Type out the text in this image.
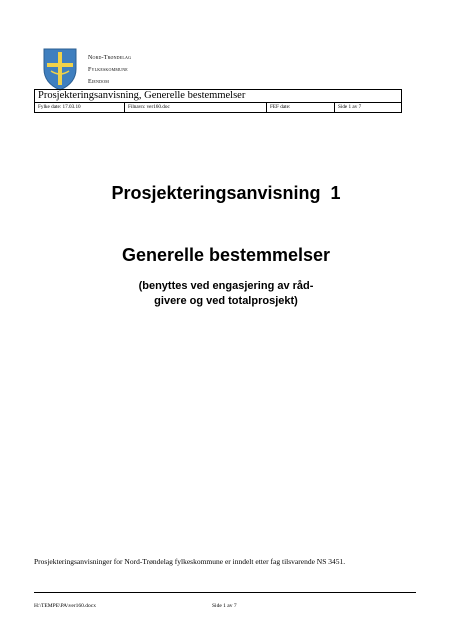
Nord-Trøndelag
Fylkeskommune
Eiendom
Prosjekteringsanvisning, Generelle bestemmelser
Fylke date: 17.03.10	Filnavn: ver160.doc	FEF date:	Side 1 av 7
Prosjekteringsanvisning  1
Generelle bestemmelser
(benyttes ved engasjering av råd-
givere og ved totalprosjekt)
Prosjekteringsanvisninger for Nord-Trøndelag fylkeskommune er inndelt etter fag tilsvarende NS 3451.
H:\TEMPE\PA\ver160.docx	Side 1 av 7
